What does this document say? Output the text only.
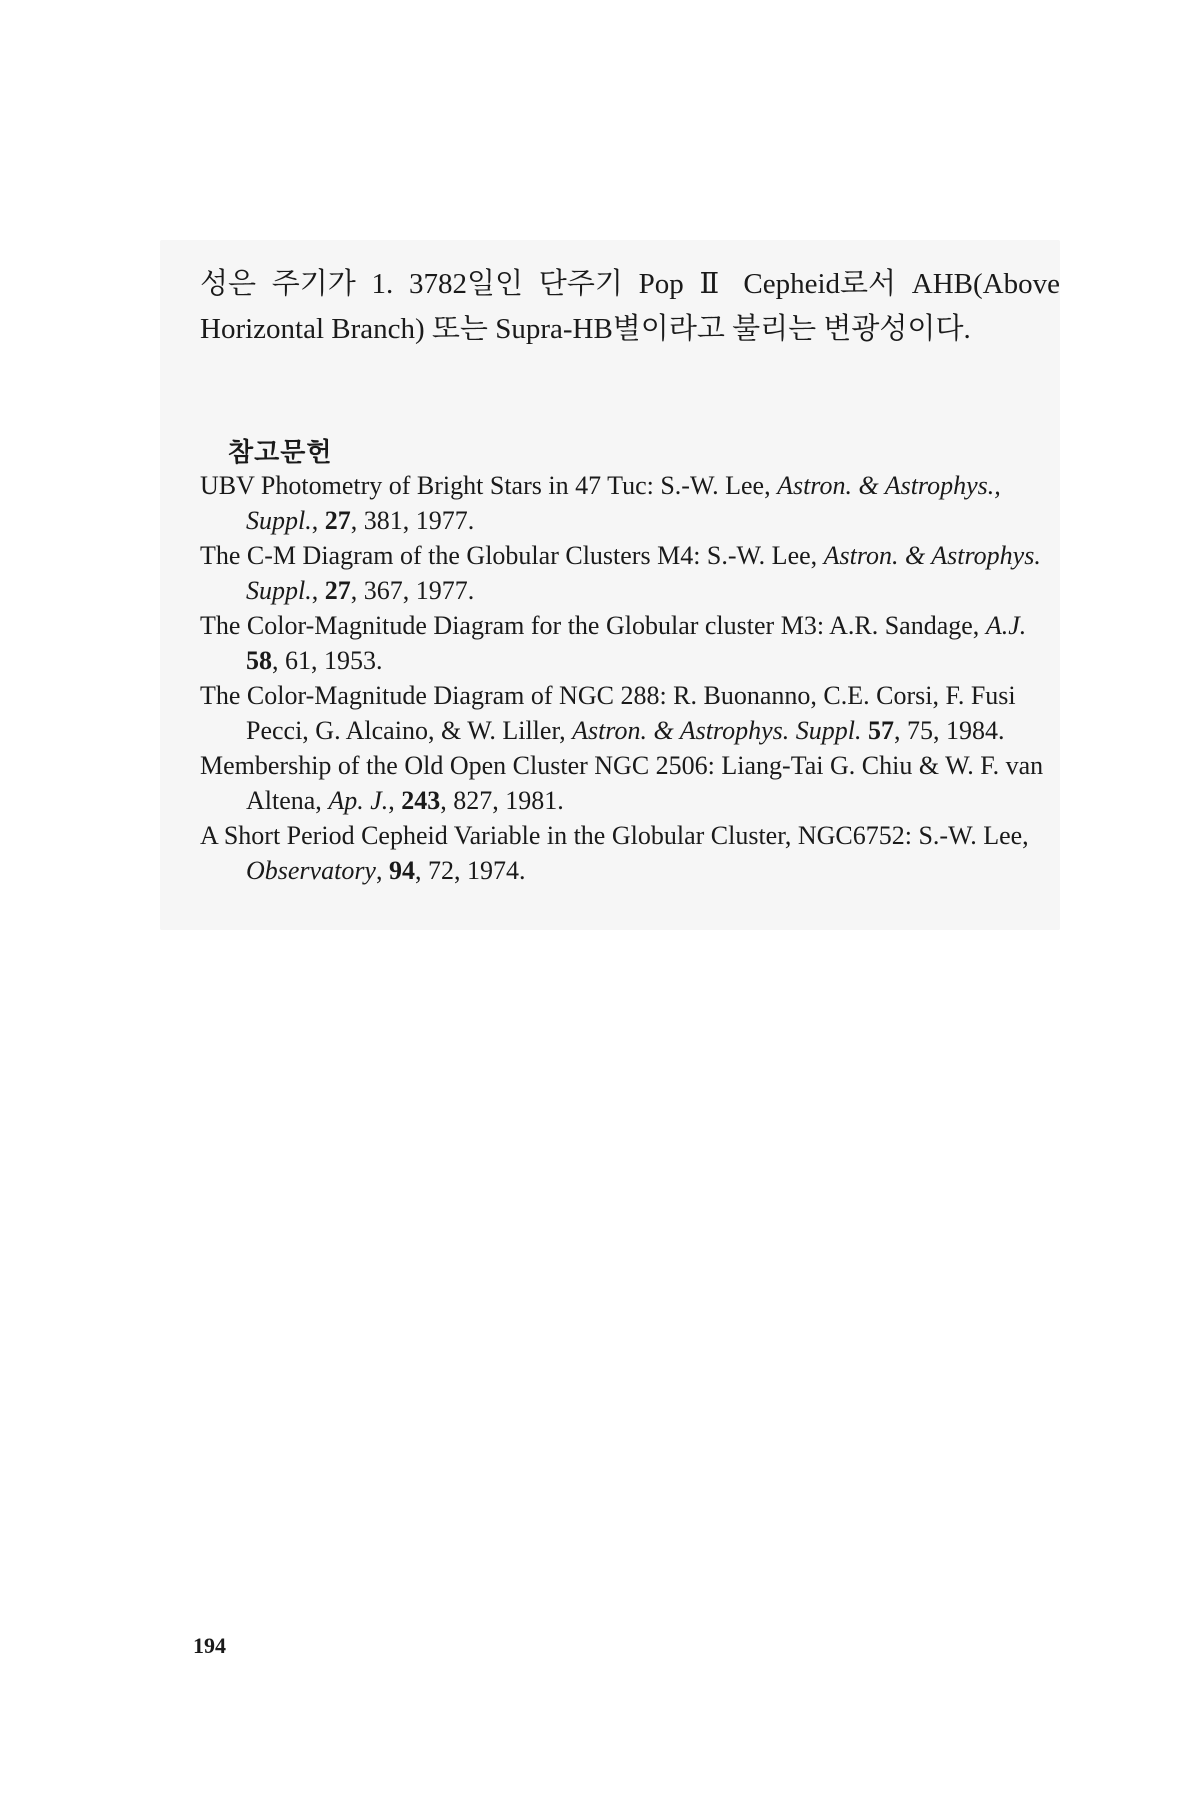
성은 주기가 1. 3782일인 단주기 Pop Ⅱ Cepheid로서 AHB(Above Horizontal Branch) 또는 Supra-HB별이라고 불리는 변광성이다.

참고문헌
UBV Photometry of Bright Stars in 47 Tuc: S.-W. Lee, Astron. & Astrophys., Suppl., 27, 381, 1977.
The C-M Diagram of the Globular Clusters M4: S.-W. Lee, Astron. & Astrophys. Suppl., 27, 367, 1977.
The Color-Magnitude Diagram for the Globular cluster M3: A.R. Sandage, A.J. 58, 61, 1953.
The Color-Magnitude Diagram of NGC 288: R. Buonanno, C.E. Corsi, F. Fusi Pecci, G. Alcaino, & W. Liller, Astron. & Astrophys. Suppl. 57, 75, 1984.
Membership of the Old Open Cluster NGC 2506: Liang-Tai G. Chiu & W. F. van Altena, Ap. J., 243, 827, 1981.
A Short Period Cepheid Variable in the Globular Cluster, NGC6752: S.-W. Lee, Observatory, 94, 72, 1974.
194
